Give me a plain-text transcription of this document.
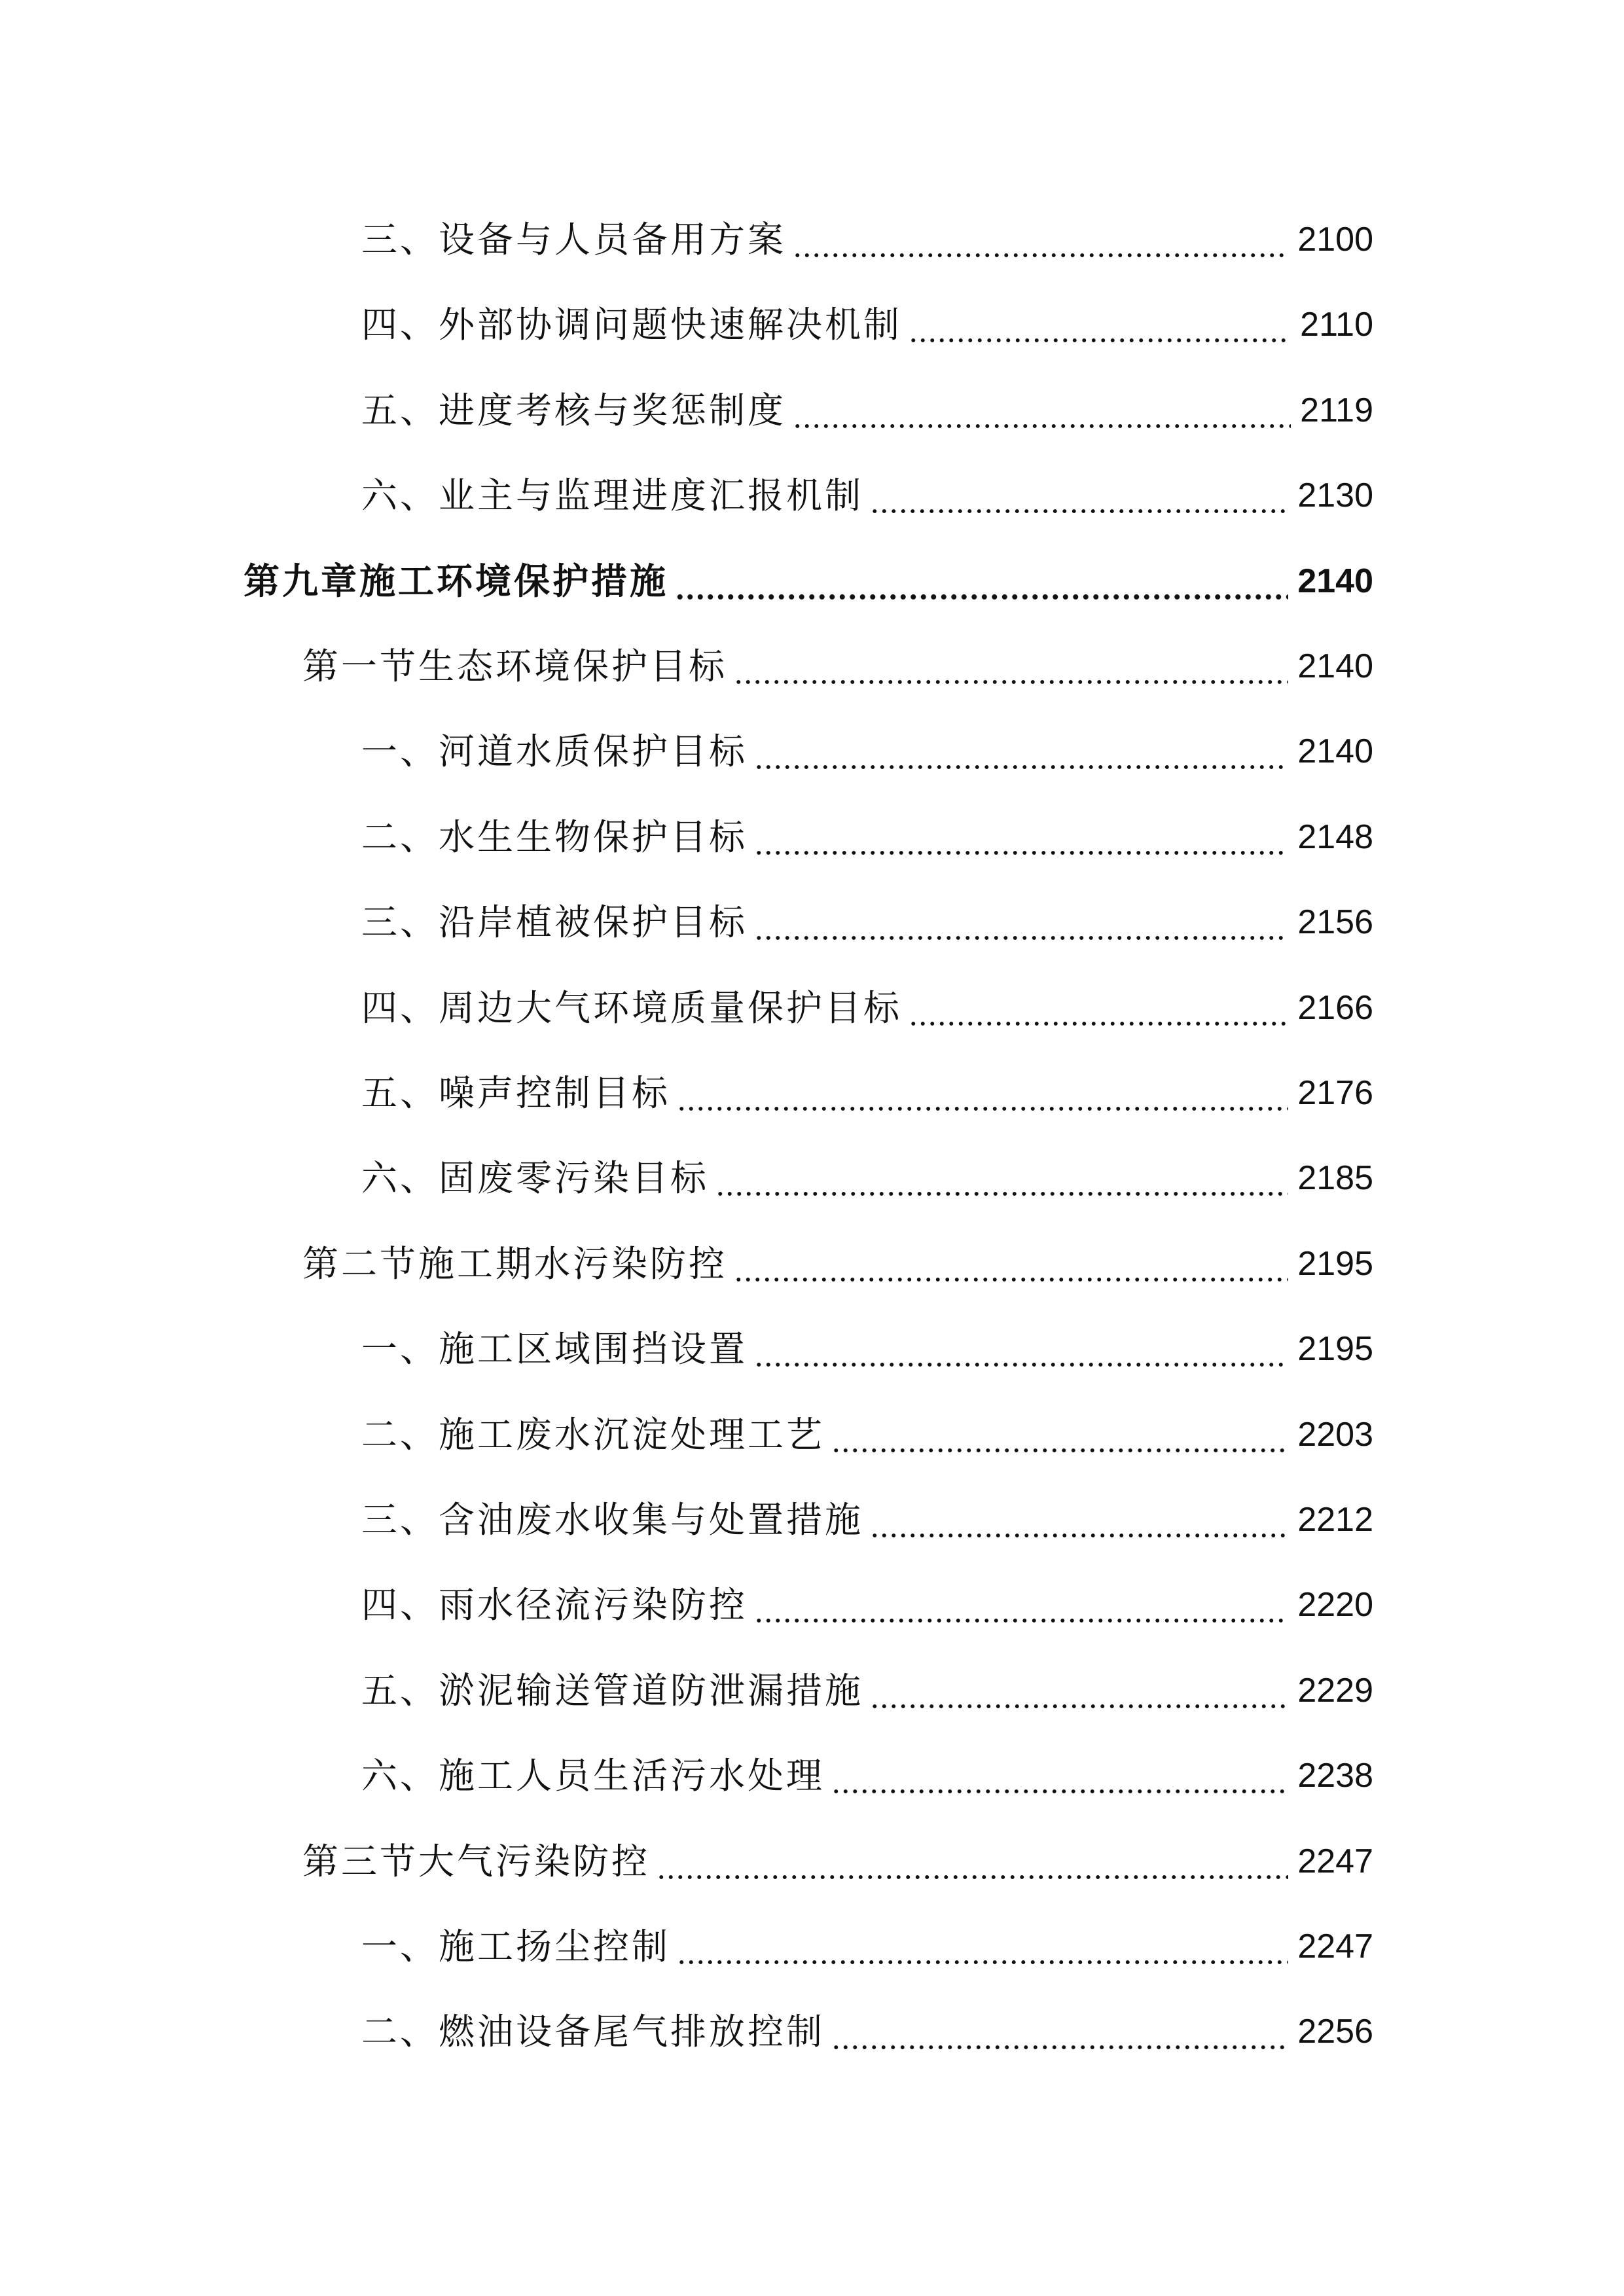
三、设备与人员备用方案	2100
四、外部协调问题快速解决机制	2110
五、进度考核与奖惩制度	2119
六、业主与监理进度汇报机制	2130
第九章施工环境保护措施	2140
第一节生态环境保护目标	2140
一、河道水质保护目标	2140
二、水生生物保护目标	2148
三、沿岸植被保护目标	2156
四、周边大气环境质量保护目标	2166
五、噪声控制目标	2176
六、固废零污染目标	2185
第二节施工期水污染防控	2195
一、施工区域围挡设置	2195
二、施工废水沉淀处理工艺	2203
三、含油废水收集与处置措施	2212
四、雨水径流污染防控	2220
五、淤泥输送管道防泄漏措施	2229
六、施工人员生活污水处理	2238
第三节大气污染防控	2247
一、施工扬尘控制	2247
二、燃油设备尾气排放控制	2256
